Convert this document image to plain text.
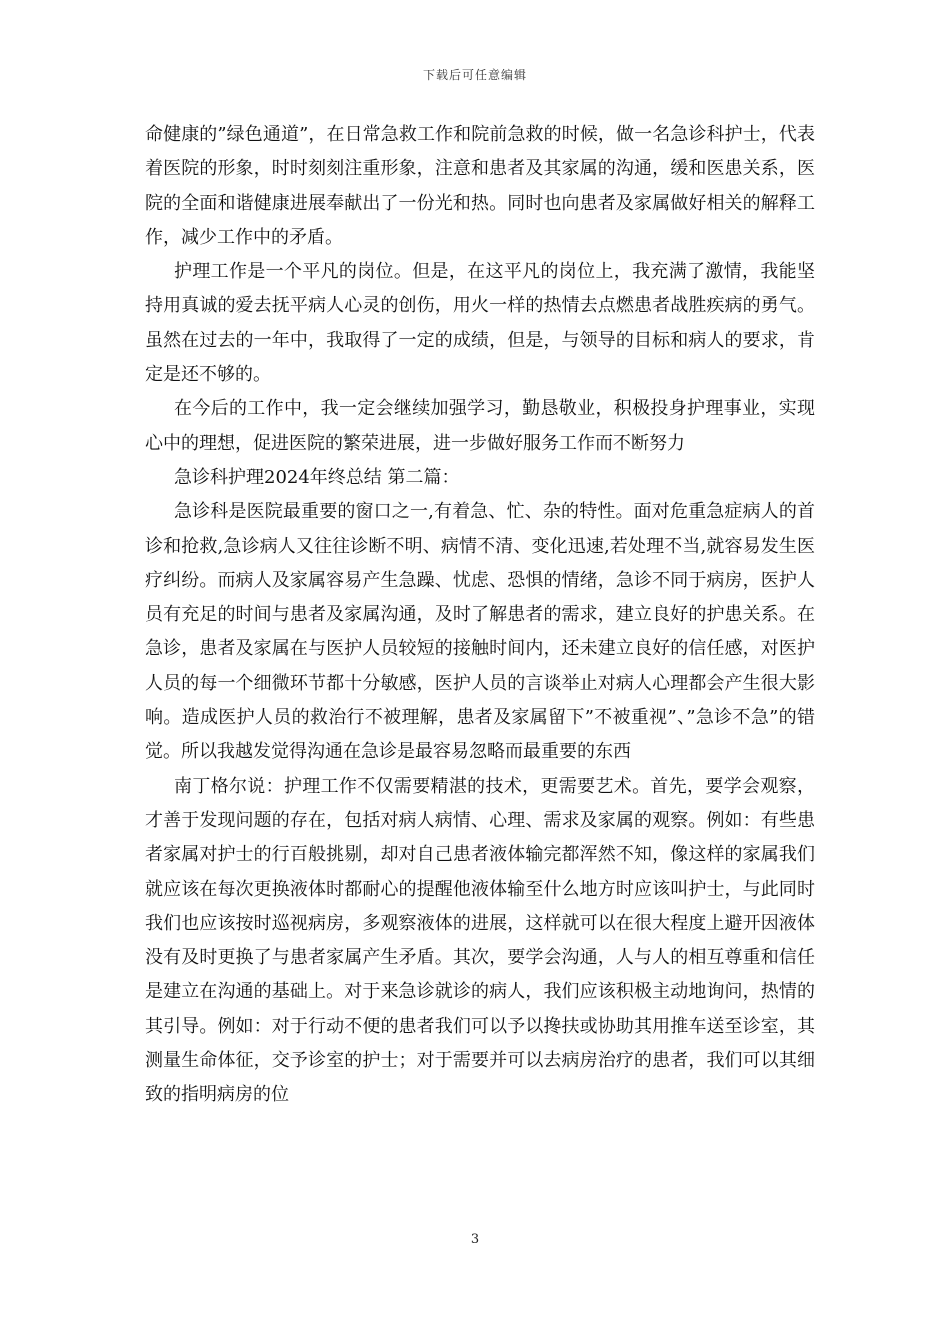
下载后可任意编辑

命健康的”绿色通道”，在日常急救工作和院前急救的时候，做一名急诊科护士，代表着医院的形象，时时刻刻注重形象，注意和患者及其家属的沟通，缓和医患关系，医院的全面和谐健康进展奉献出了一份光和热。同时也向患者及家属做好相关的解释工作，减少工作中的矛盾。

护理工作是一个平凡的岗位。但是，在这平凡的岗位上，我充满了激情，我能坚持用真诚的爱去抚平病人心灵的创伤，用火一样的热情去点燃患者战胜疾病的勇气。虽然在过去的一年中，我取得了一定的成绩，但是，与领导的目标和病人的要求，肯定是还不够的。

在今后的工作中，我一定会继续加强学习，勤恳敬业，积极投身护理事业，实现心中的理想，促进医院的繁荣进展，进一步做好服务工作而不断努力

急诊科护理2024年终总结 第二篇：

急诊科是医院最重要的窗口之一,有着急、忙、杂的特性。面对危重急症病人的首诊和抢救,急诊病人又往往诊断不明、病情不清、变化迅速,若处理不当,就容易发生医疗纠纷。而病人及家属容易产生急躁、忧虑、恐惧的情绪，急诊不同于病房，医护人员有充足的时间与患者及家属沟通，及时了解患者的需求，建立良好的护患关系。在急诊，患者及家属在与医护人员较短的接触时间内，还未建立良好的信任感，对医护人员的每一个细微环节都十分敏感，医护人员的言谈举止对病人心理都会产生很大影响。造成医护人员的救治行不被理解，患者及家属留下”不被重视”、”急诊不急”的错觉。所以我越发觉得沟通在急诊是最容易忽略而最重要的东西

南丁格尔说：护理工作不仅需要精湛的技术，更需要艺术。首先，要学会观察，才善于发现问题的存在，包括对病人病情、心理、需求及家属的观察。例如：有些患者家属对护士的行百般挑剔，却对自己患者液体输完都浑然不知，像这样的家属我们就应该在每次更换液体时都耐心的提醒他液体输至什么地方时应该叫护士，与此同时我们也应该按时巡视病房，多观察液体的进展，这样就可以在很大程度上避开因液体没有及时更换了与患者家属产生矛盾。其次，要学会沟通，人与人的相互尊重和信任是建立在沟通的基础上。对于来急诊就诊的病人，我们应该积极主动地询问，热情的其引导。例如：对于行动不便的患者我们可以予以搀扶或协助其用推车送至诊室，其测量生命体征，交予诊室的护士；对于需要并可以去病房治疗的患者，我们可以其细致的指明病房的位

3
